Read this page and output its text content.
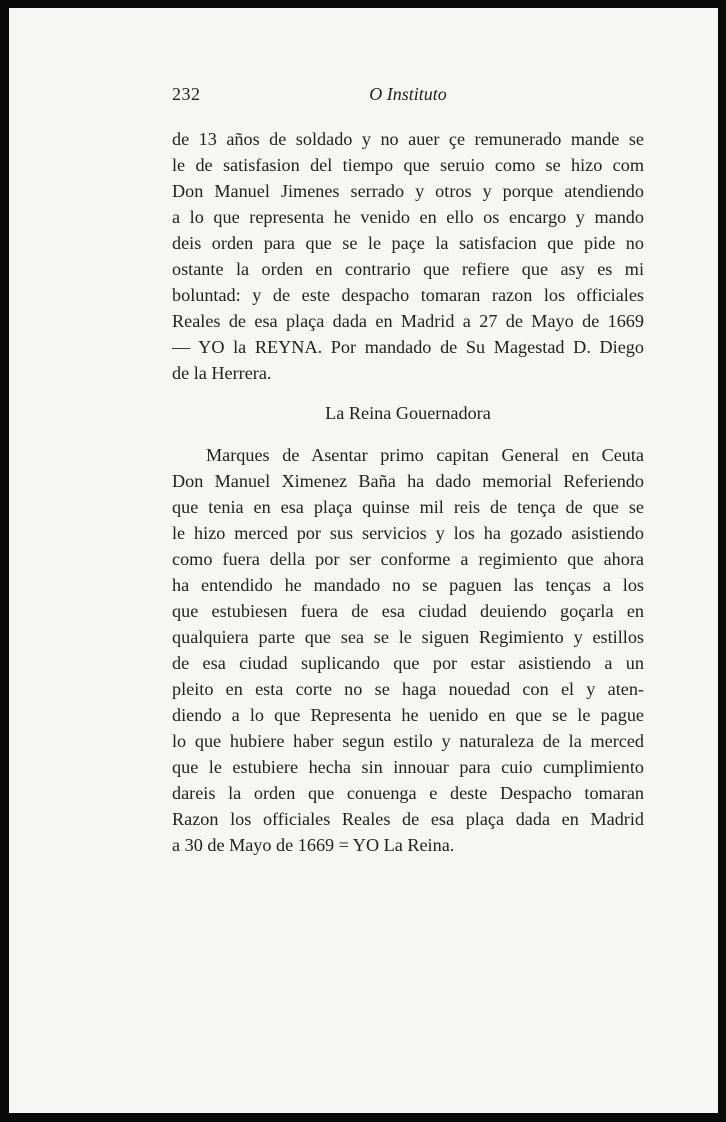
232	O Instituto
de 13 años de soldado y no auer çe remunerado mande se
le de satisfasion del tiempo que seruio como se hizo com
Don Manuel Jimenes serrado y otros y porque atendiendo
a lo que representa he venido en ello os encargo y mando
deis orden para que se le paçe la satisfacion que pide no
ostante la orden en contrario que refiere que asy es mi
boluntad: y de este despacho tomaran razon los officiales
Reales de esa plaça dada en Madrid a 27 de Mayo de 1669
— YO la REYNA. Por mandado de Su Magestad D. Diego
de la Herrera.
La Reina Gouernadora
Marques de Asentar primo capitan General en Ceuta
Don Manuel Ximenez Baña ha dado memorial Referiendo
que tenia en esa plaça quinse mil reis de tença de que se
le hizo merced por sus servicios y los ha gozado asistiendo
como fuera della por ser conforme a regimiento que ahora
ha entendido he mandado no se paguen las tenças a los
que estubiesen fuera de esa ciudad deuiendo goçarla en
qualquiera parte que sea se le siguen Regimiento y estillos
de esa ciudad suplicando que por estar asistiendo a un
pleito en esta corte no se haga nouedad con el y aten-
diendo a lo que Representa he uenido en que se le pague
lo que hubiere haber segun estilo y naturaleza de la merced
que le estubiere hecha sin innouar para cuio cumplimiento
dareis la orden que conuenga e deste Despacho tomaran
Razon los officiales Reales de esa plaça dada en Madrid
a 30 de Mayo de 1669 = YO La Reina.
